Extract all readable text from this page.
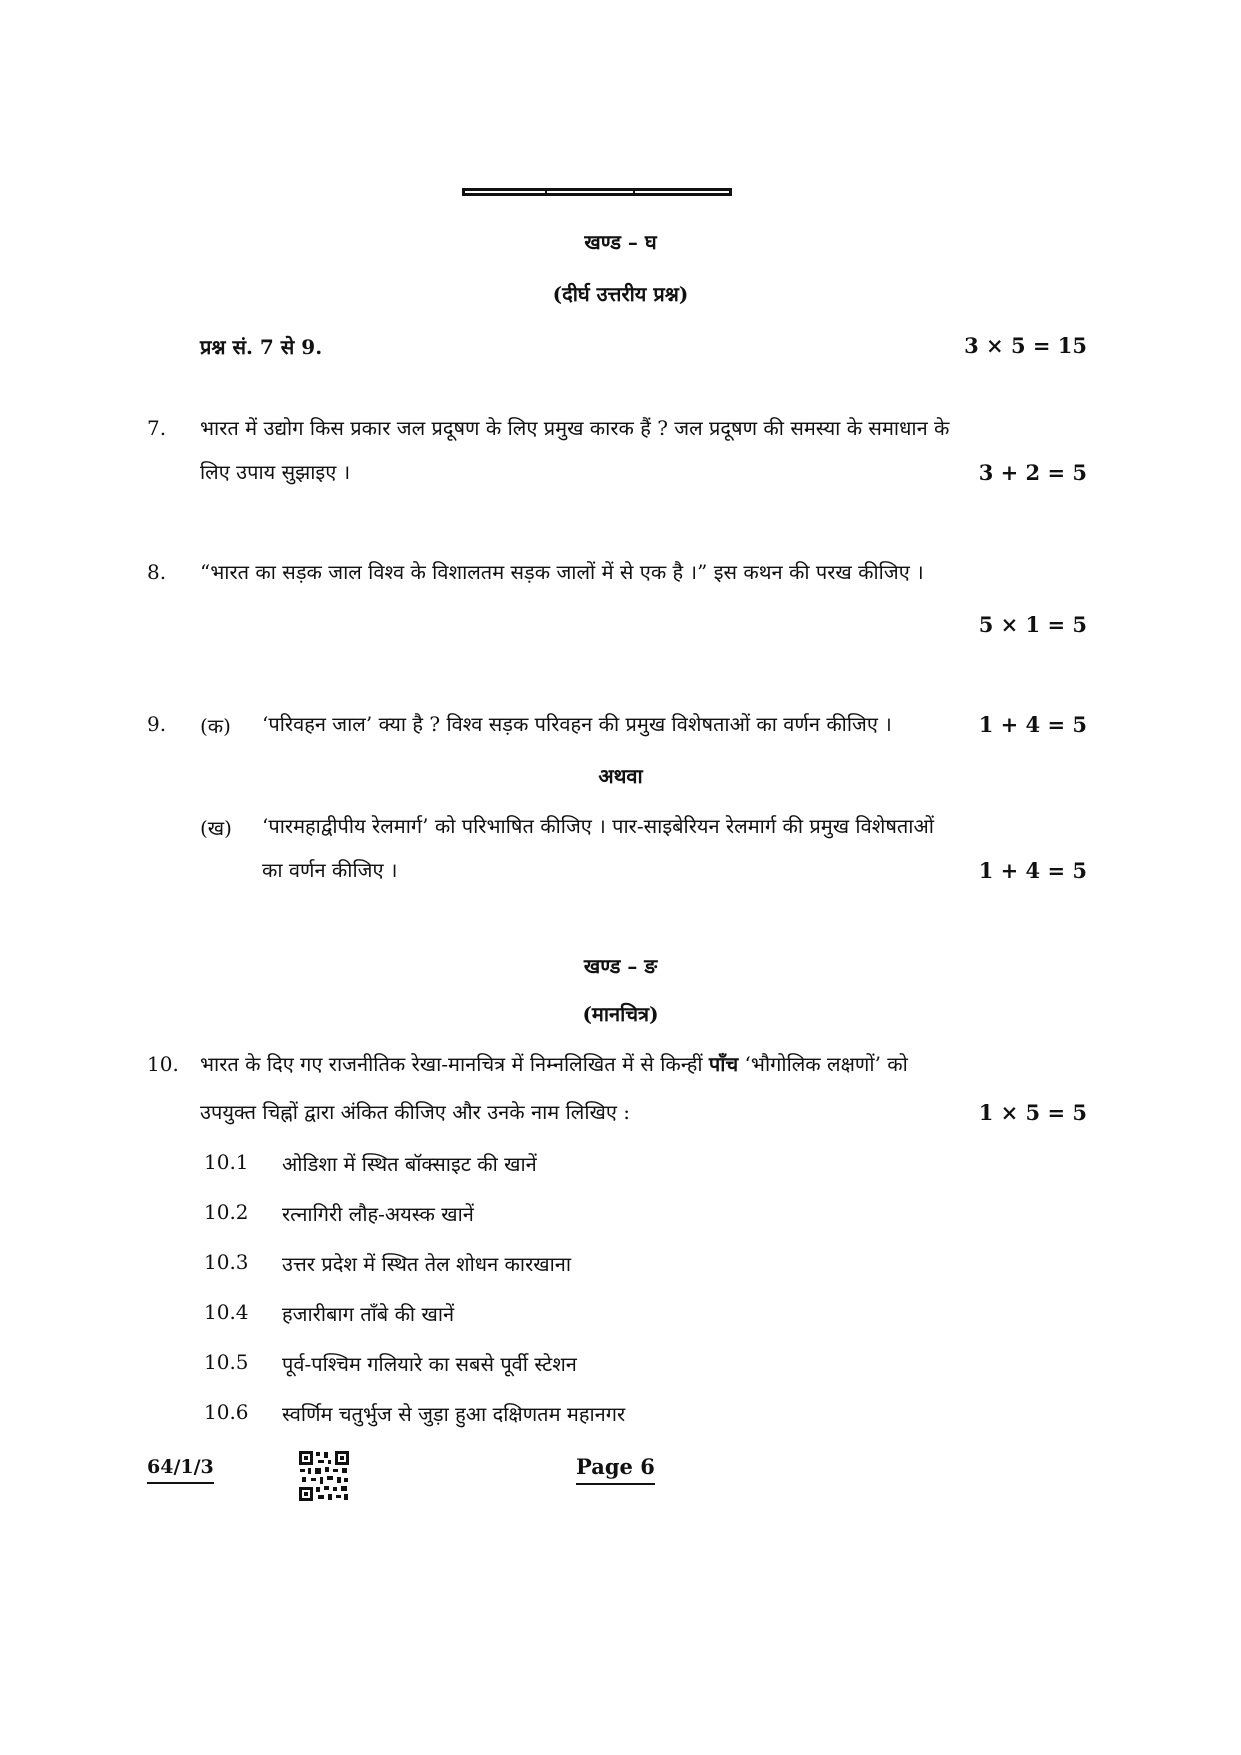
खण्ड – घ
(दीर्घ उत्तरीय प्रश्न)
प्रश्न सं. 7 से 9.	3 × 5 = 15
7. भारत में उद्योग किस प्रकार जल प्रदूषण के लिए प्रमुख कारक हैं ? जल प्रदूषण की समस्या के समाधान के
लिए उपाय सुझाइए ।	3 + 2 = 5
8. “भारत का सड़क जाल विश्व के विशालतम सड़क जालों में से एक है ।” इस कथन की परख कीजिए ।
5 × 1 = 5
9. (क) ‘परिवहन जाल’ क्या है ? विश्व सड़क परिवहन की प्रमुख विशेषताओं का वर्णन कीजिए ।	1 + 4 = 5
अथवा
(ख) ‘पारमहाद्वीपीय रेलमार्ग’ को परिभाषित कीजिए । पार-साइबेरियन रेलमार्ग की प्रमुख विशेषताओं
का वर्णन कीजिए ।	1 + 4 = 5
खण्ड – ङ
(मानचित्र)
10. भारत के दिए गए राजनीतिक रेखा-मानचित्र में निम्नलिखित में से किन्हीं पाँच ‘भौगोलिक लक्षणों’ को
उपयुक्त चिह्नों द्वारा अंकित कीजिए और उनके नाम लिखिए :	1 × 5 = 5
10.1 ओडिशा में स्थित बॉक्साइट की खानें
10.2 रत्नागिरी लौह-अयस्क खानें
10.3 उत्तर प्रदेश में स्थित तेल शोधन कारखाना
10.4 हजारीबाग ताँबे की खानें
10.5 पूर्व-पश्चिम गलियारे का सबसे पूर्वी स्टेशन
10.6 स्वर्णिम चतुर्भुज से जुड़ा हुआ दक्षिणतम महानगर
64/1/3	Page 6
